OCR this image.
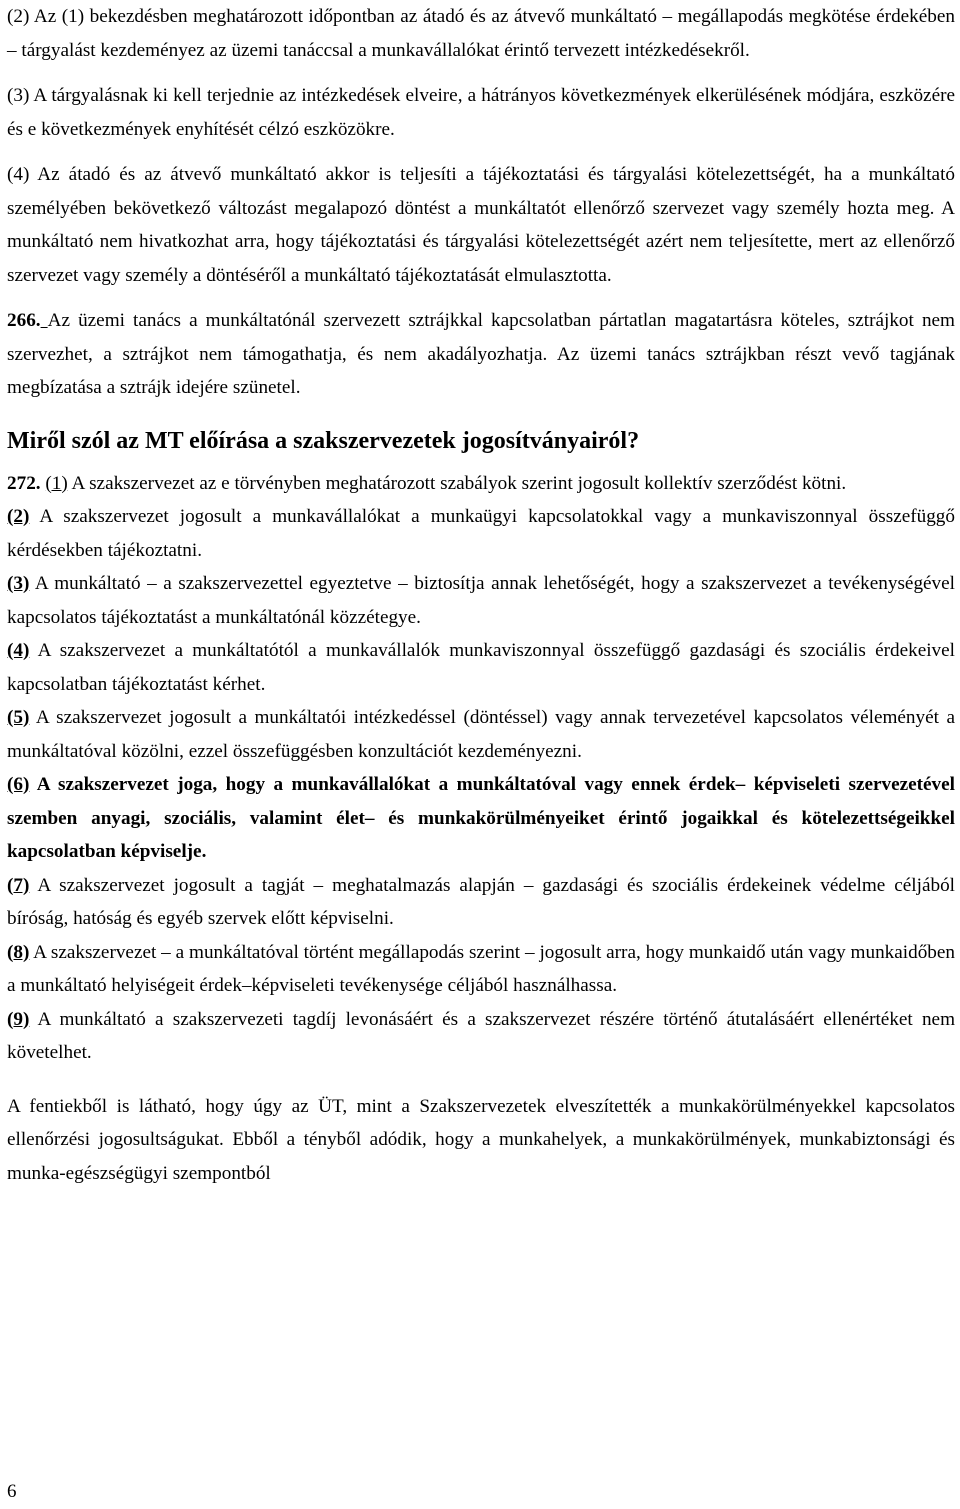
(2) Az (1) bekezdésben meghatározott időpontban az átadó és az átvevő munkáltató – megállapodás megkötése érdekében – tárgyalást kezdeményez az üzemi tanáccsal a munkavállalókat érintő tervezett intézkedésekről.

(3) A tárgyalásnak ki kell terjednie az intézkedések elveire, a hátrányos következmények elkerülésének módjára, eszközére és e következmények enyhítését célzó eszközökre.

(4) Az átadó és az átvevő munkáltató akkor is teljesíti a tájékoztatási és tárgyalási kötelezettségét, ha a munkáltató személyében bekövetkező változást megalapozó döntést a munkáltatót ellenőrző szervezet vagy személy hozta meg. A munkáltató nem hivatkozhat arra, hogy tájékoztatási és tárgyalási kötelezettségét azért nem teljesítette, mert az ellenőrző szervezet vagy személy a döntéséről a munkáltató tájékoztatását elmulasztotta.

266. Az üzemi tanács a munkáltatónál szervezett sztrájkkal kapcsolatban pártatlan magatartásra köteles, sztrájkot nem szervezhet, a sztrájkot nem támogathatja, és nem akadályozhatja. Az üzemi tanács sztrájkban részt vevő tagjának megbízatása a sztrájk idejére szünetel.

Miről szól az MT előírása a szakszervezetek jogosítványairól?

272. (1) A szakszervezet az e törvényben meghatározott szabályok szerint jogosult kollektív szerződést kötni.

(2) A szakszervezet jogosult a munkavállalókat a munkaügyi kapcsolatokkal vagy a munkaviszonnyal összefüggő kérdésekben tájékoztatni.

(3) A munkáltató – a szakszervezettel egyeztetve – biztosítja annak lehetőségét, hogy a szakszervezet a tevékenységével kapcsolatos tájékoztatást a munkáltatónál közzétegye.

(4) A szakszervezet a munkáltatótól a munkavállalók munkaviszonnyal összefüggő gazdasági és szociális érdekeivel kapcsolatban tájékoztatást kérhet.

(5) A szakszervezet jogosult a munkáltatói intézkedéssel (döntéssel) vagy annak tervezetével kapcsolatos véleményét a munkáltatóval közölni, ezzel összefüggésben konzultációt kezdeményezni.

(6) A szakszervezet joga, hogy a munkavállalókat a munkáltatóval vagy ennek érdek– képviseleti szervezetével szemben anyagi, szociális, valamint élet– és munkakörülményeiket érintő jogaikkal és kötelezettségeikkel kapcsolatban képviselje.

(7) A szakszervezet jogosult a tagját – meghatalmazás alapján – gazdasági és szociális érdekeinek védelme céljából bíróság, hatóság és egyéb szervek előtt képviselni.

(8) A szakszervezet – a munkáltatóval történt megállapodás szerint – jogosult arra, hogy munkaidő után vagy munkaidőben a munkáltató helyiségeit érdek–képviseleti tevékenysége céljából használhassa.

(9) A munkáltató a szakszervezeti tagdíj levonásáért és a szakszervezet részére történő átutalásáért ellenértéket nem követelhet.

A fentiekből is látható, hogy úgy az ÜT, mint a Szakszervezetek elveszítették a munkakörülményekkel kapcsolatos ellenőrzési jogosultságukat. Ebből a tényből adódik, hogy a munkahelyek, a munkakörülmények, munkabiztonsági és munka-egészségügyi szempontból

6
